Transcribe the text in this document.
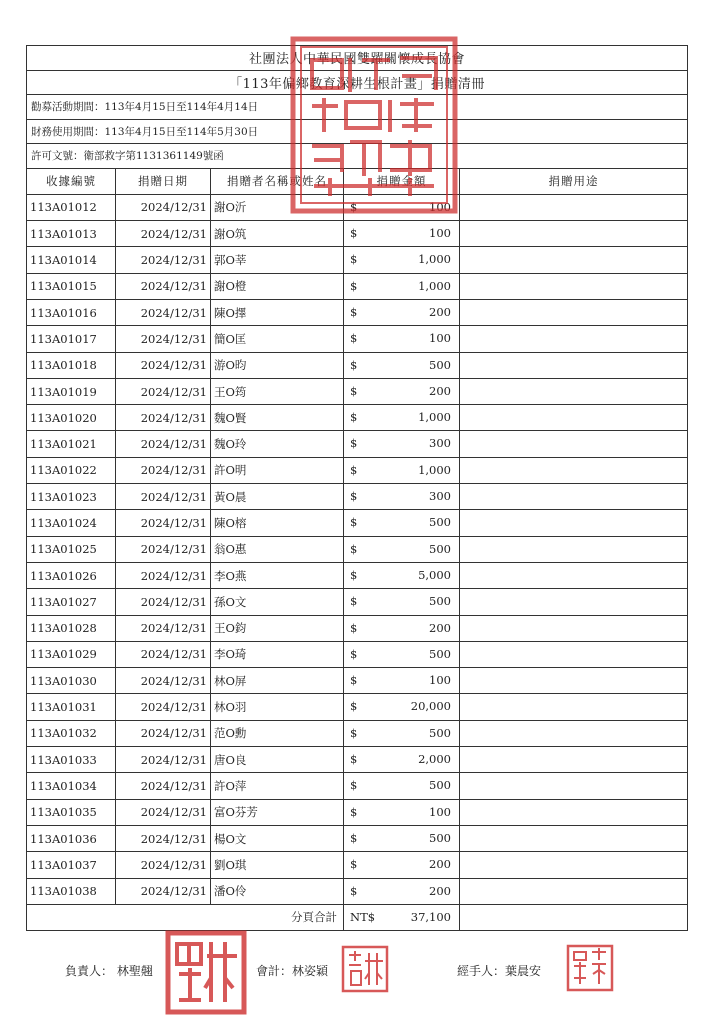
社團法人中華民國雙躍關懷成長協會				
「113年偏鄉教育深耕生根計畫」捐贈清冊				
勸募活動期間：113年4月15日至114年4月14日				
財務使用期間：113年4月15日至114年5月30日				
許可文號：衛部救字第1131361149號函				
收據編號	捐贈日期	捐贈者名稱或姓名	捐贈金額	捐贈用途
113A01012	2024/12/31	謝O沂	$ 100	

113A01013	2024/12/31	謝O筑	$ 100	

113A01014	2024/12/31	郭O莘	$ 1,000	

113A01015	2024/12/31	謝O橙	$ 1,000	

113A01016	2024/12/31	陳O擇	$ 200	

113A01017	2024/12/31	簡O匡	$ 100	

113A01018	2024/12/31	游O昀	$ 500	

113A01019	2024/12/31	王O筠	$ 200	

113A01020	2024/12/31	魏O賢	$ 1,000	

113A01021	2024/12/31	魏O玲	$ 300	

113A01022	2024/12/31	許O明	$ 1,000	

113A01023	2024/12/31	黃O晨	$ 300	

113A01024	2024/12/31	陳O榕	$ 500	

113A01025	2024/12/31	翁O惠	$ 500	

113A01026	2024/12/31	李O燕	$ 5,000	

113A01027	2024/12/31	孫O文	$ 500	

113A01028	2024/12/31	王O鈞	$ 200	

113A01029	2024/12/31	李O琦	$ 500	

113A01030	2024/12/31	林O屏	$ 100	

113A01031	2024/12/31	林O羽	$ 20,000	

113A01032	2024/12/31	范O勳	$ 500	

113A01033	2024/12/31	唐O良	$ 2,000	

113A01034	2024/12/31	許O萍	$ 500	

113A01035	2024/12/31	富O芬芳	$ 100	

113A01036	2024/12/31	楊O文	$ 500	

113A01037	2024/12/31	劉O琪	$ 200	

113A01038	2024/12/31	潘O伶	$ 200	

分頁合計			NT$ 37,100	

負責人： 林聖翹	會計：林姿穎	經手人：葉晨安
